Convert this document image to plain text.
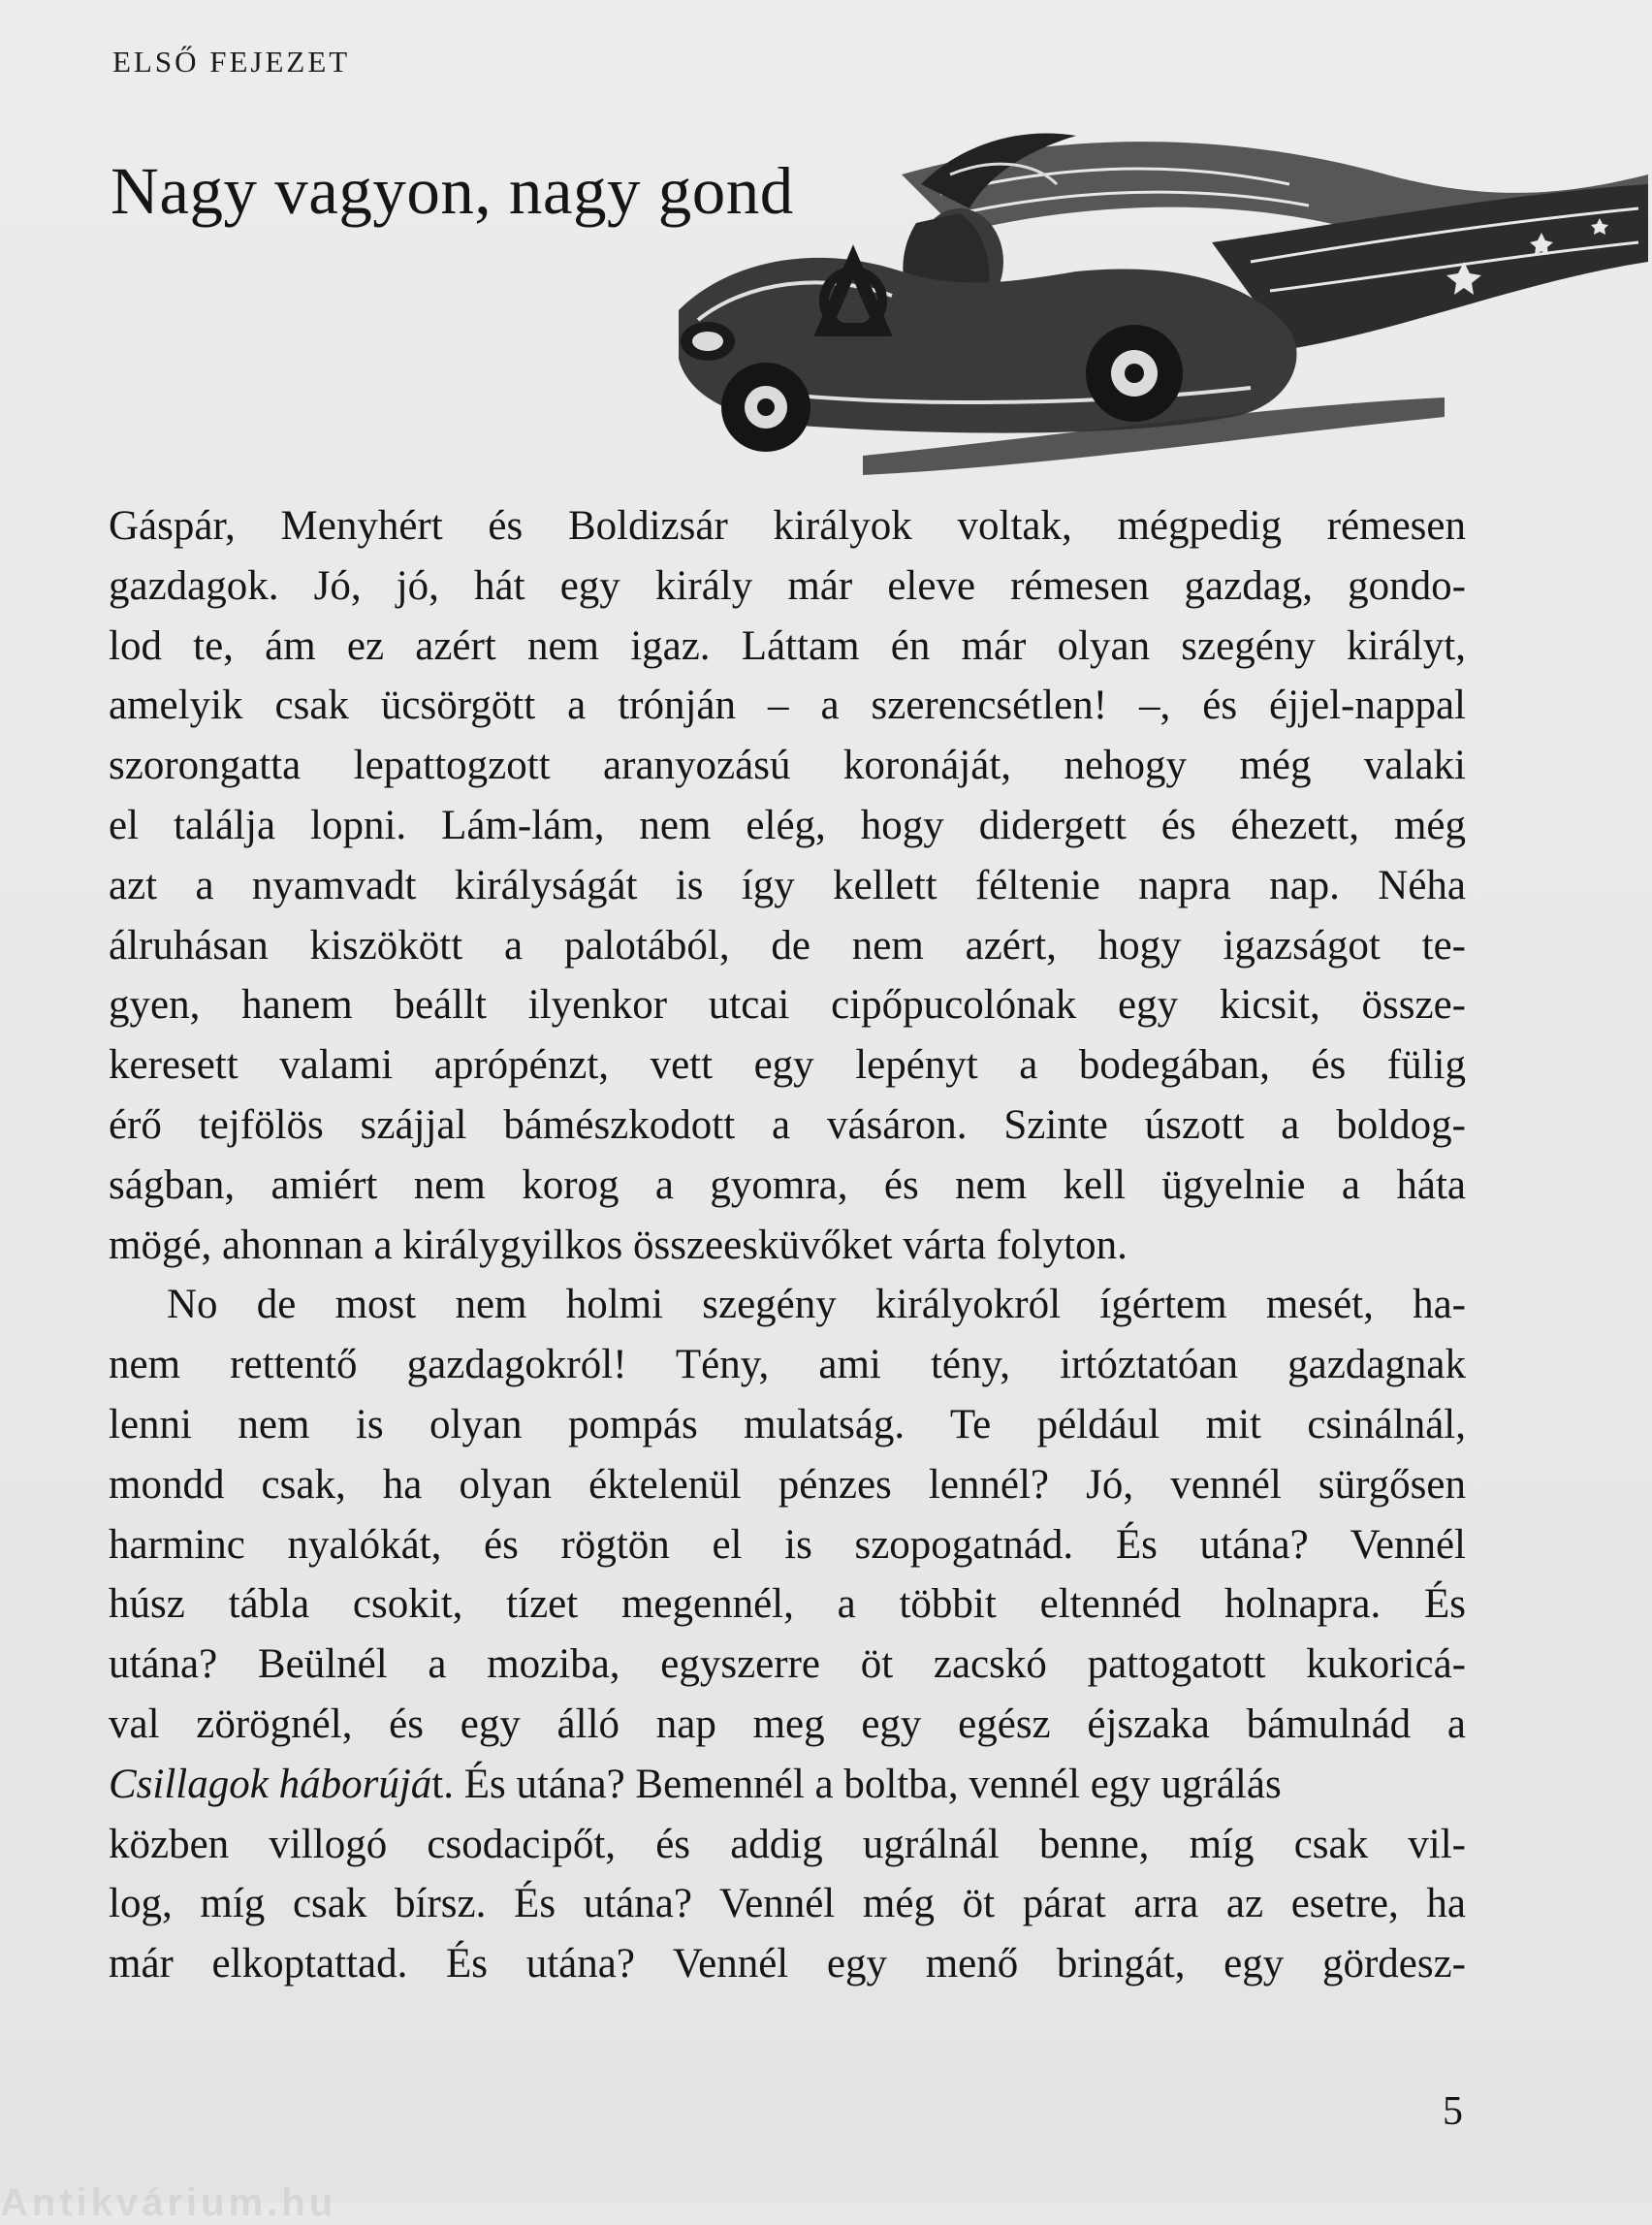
ELSŐ FEJEZET
Nagy vagyon, nagy gond
Gáspár, Menyhért és Boldizsár királyok voltak, mégpedig rémesen
gazdagok. Jó, jó, hát egy király már eleve rémesen gazdag, gondo-
lod te, ám ez azért nem igaz. Láttam én már olyan szegény királyt,
amelyik csak ücsörgött a trónján – a szerencsétlen! –, és éjjel-nappal
szorongatta lepattogzott aranyozású koronáját, nehogy még valaki
el találja lopni. Lám-lám, nem elég, hogy didergett és éhezett, még
azt a nyamvadt királyságát is így kellett féltenie napra nap. Néha
álruhásan kiszökött a palotából, de nem azért, hogy igazságot te-
gyen, hanem beállt ilyenkor utcai cipőpucolónak egy kicsit, össze-
keresett valami aprópénzt, vett egy lepényt a bodegában, és fülig
érő tejfölös szájjal bámészkodott a vásáron. Szinte úszott a boldog-
ságban, amiért nem korog a gyomra, és nem kell ügyelnie a háta
mögé, ahonnan a királygyilkos összeesküvőket várta folyton.
No de most nem holmi szegény királyokról ígértem mesét, ha-
nem rettentő gazdagokról! Tény, ami tény, irtóztatóan gazdagnak
lenni nem is olyan pompás mulatság. Te például mit csinálnál,
mondd csak, ha olyan éktelenül pénzes lennél? Jó, vennél sürgősen
harminc nyalókát, és rögtön el is szopogatnád. És utána? Vennél
húsz tábla csokit, tízet megennél, a többit eltennéd holnapra. És
utána? Beülnél a moziba, egyszerre öt zacskó pattogatott kukoricá-
val zörögnél, és egy álló nap meg egy egész éjszaka bámulnád a
Csillagok háborúját. És utána? Bemennél a boltba, vennél egy ugrálás
közben villogó csodacipőt, és addig ugrálnál benne, míg csak vil-
log, míg csak bírsz. És utána? Vennél még öt párat arra az esetre, ha
már elkoptattad. És utána? Vennél egy menő bringát, egy gördesz-
5
Antikvárium.hu
